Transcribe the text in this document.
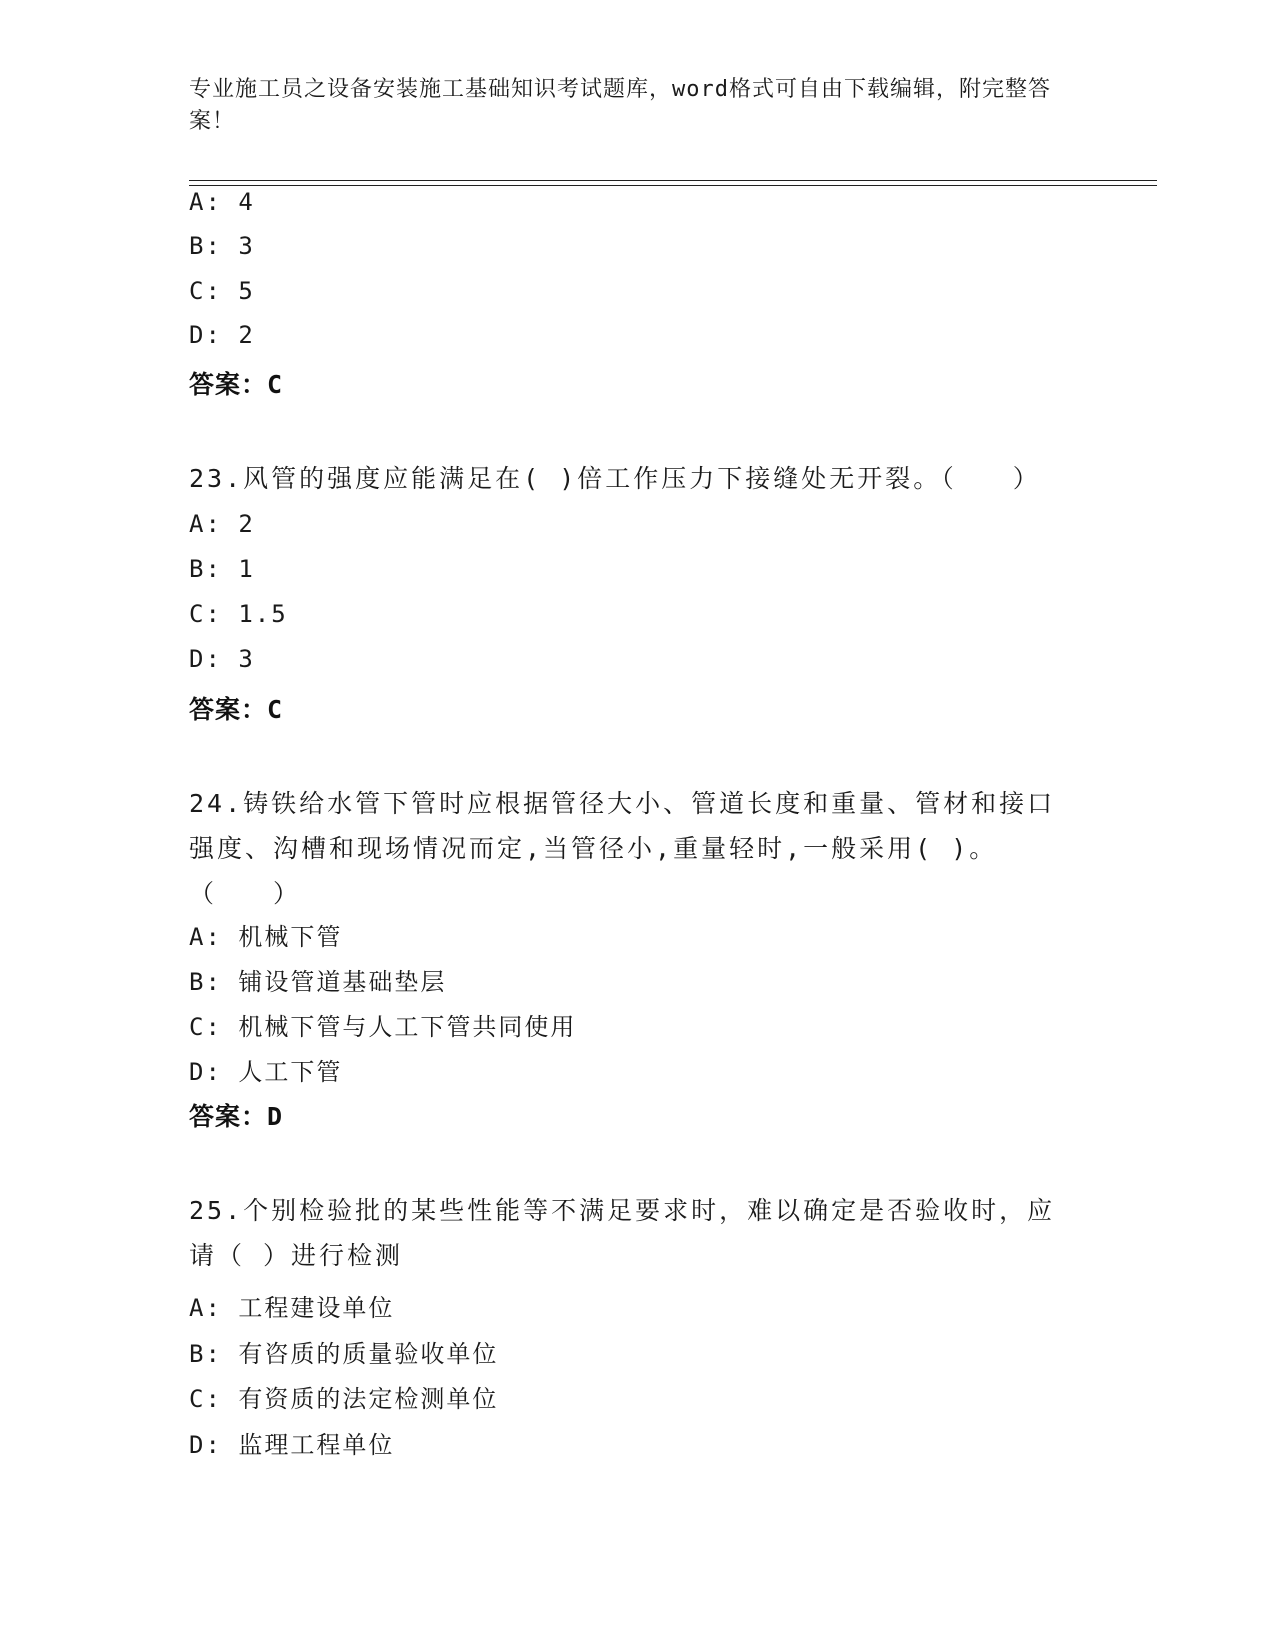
专业施工员之设备安装施工基础知识考试题库，word格式可自由下载编辑，附完整答案！
A: 4
B: 3
C: 5
D: 2
答案：C
23.风管的强度应能满足在( )倍工作压力下接缝处无开裂。（　　）
A: 2
B: 1
C: 1.5
D: 3
答案：C
24.铸铁给水管下管时应根据管径大小、管道长度和重量、管材和接口强度、沟槽和现场情况而定,当管径小,重量轻时,一般采用( )。（　　）
A: 机械下管
B: 铺设管道基础垫层
C: 机械下管与人工下管共同使用
D: 人工下管
答案：D
25.个别检验批的某些性能等不满足要求时，难以确定是否验收时，应请（ ）进行检测
A: 工程建设单位
B: 有咨质的质量验收单位
C: 有资质的法定检测单位
D: 监理工程单位
